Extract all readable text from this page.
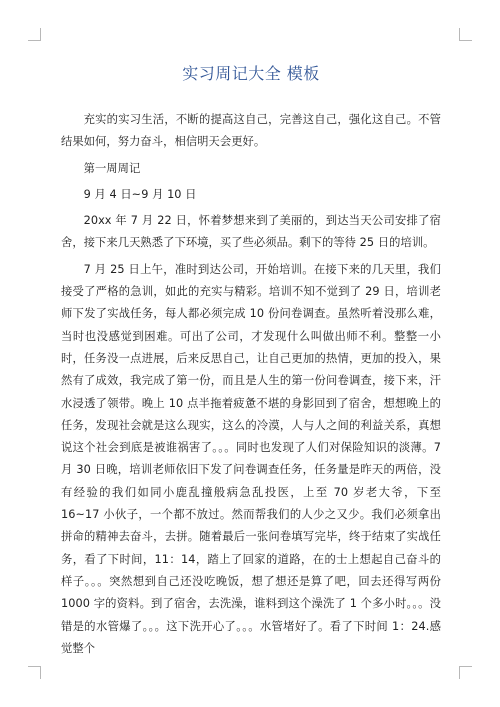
实习周记大全 模板

充实的实习生活，不断的提高这自己，完善这自己，强化这自己。不管结果如何，努力奋斗，相信明天会更好。

第一周周记

9 月 4 日~9 月 10 日

20xx 年 7 月 22 日，怀着梦想来到了美丽的，到达当天公司安排了宿舍，接下来几天熟悉了下环境，买了些必须品。剩下的等待 25 日的培训。

7 月 25 日上午，准时到达公司，开始培训。在接下来的几天里，我们接受了严格的急训，如此的充实与精彩。培训不知不觉到了 29 日，培训老师下发了实战任务，每人都必须完成 10 份问卷调查。虽然听着没那么难，当时也没感觉到困难。可出了公司，才发现什么叫做出师不利。整整一小时，任务没一点进展，后来反思自己，让自己更加的热情，更加的投入，果然有了成效，我完成了第一份，而且是人生的第一份问卷调查，接下来，汗水浸透了领带。晚上 10 点半拖着疲惫不堪的身影回到了宿舍，想想晚上的任务，发现社会就是这么现实，这么的冷漠，人与人之间的利益关系，真想说这个社会到底是被谁祸害了。。。同时也发现了人们对保险知识的淡薄。7 月 30 日晚，培训老师依旧下发了问卷调查任务，任务量是昨天的两倍，没有经验的我们如同小鹿乱撞般病急乱投医，上至 70 岁老大爷，下至 16~17 小伙子，一个都不放过。然而帮我们的人少之又少。我们必须拿出拼命的精神去奋斗，去拼。随着最后一张问卷填写完毕，终于结束了实战任务，看了下时间，11：14，踏上了回家的道路，在的士上想起自己奋斗的样子。。。突然想到自己还没吃晚饭，想了想还是算了吧，回去还得写两份 1000 字的资料。到了宿舍，去洗澡，谁料到这个澡洗了 1 个多小时。。。没错是的水管爆了。。。这下洗开心了。。。水管堵好了。看了下时间 1：24.感觉整个
